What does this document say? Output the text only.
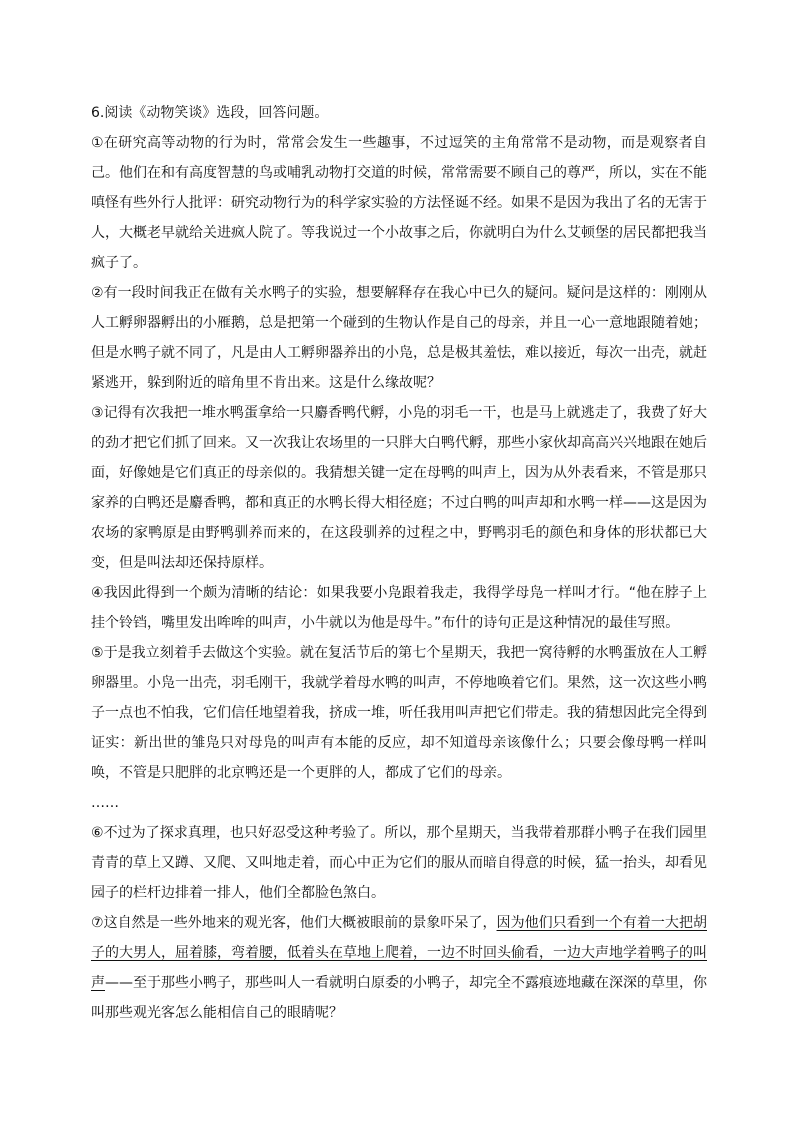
6.阅读《动物笑谈》选段，回答问题。

①在研究高等动物的行为时，常常会发生一些趣事，不过逗笑的主角常常不是动物，而是观察者自己。他们在和有高度智慧的鸟或哺乳动物打交道的时候，常常需要不顾自己的尊严，所以，实在不能嗔怪有些外行人批评：研究动物行为的科学家实验的方法怪诞不经。如果不是因为我出了名的无害于人，大概老早就给关进疯人院了。等我说过一个小故事之后，你就明白为什么艾顿堡的居民都把我当疯子了。

②有一段时间我正在做有关水鸭子的实验，想要解释存在我心中已久的疑问。疑问是这样的：刚刚从人工孵卵器孵出的小雁鹅，总是把第一个碰到的生物认作是自己的母亲，并且一心一意地跟随着她；但是水鸭子就不同了，凡是由人工孵卵器养出的小凫，总是极其羞怯，难以接近，每次一出壳，就赶紧逃开，躲到附近的暗角里不肯出来。这是什么缘故呢？

③记得有次我把一堆水鸭蛋拿给一只麝香鸭代孵，小凫的羽毛一干，也是马上就逃走了，我费了好大的劲才把它们抓了回来。又一次我让农场里的一只胖大白鸭代孵，那些小家伙却高高兴兴地跟在她后面，好像她是它们真正的母亲似的。我猜想关键一定在母鸭的叫声上，因为从外表看来，不管是那只家养的白鸭还是麝香鸭，都和真正的水鸭长得大相径庭；不过白鸭的叫声却和水鸭一样——这是因为农场的家鸭原是由野鸭驯养而来的，在这段驯养的过程之中，野鸭羽毛的颜色和身体的形状都已大变，但是叫法却还保持原样。

④我因此得到一个颇为清晰的结论：如果我要小凫跟着我走，我得学母凫一样叫才行。“他在脖子上挂个铃铛，嘴里发出哞哞的叫声，小牛就以为他是母牛。”布什的诗句正是这种情况的最佳写照。

⑤于是我立刻着手去做这个实验。就在复活节后的第七个星期天，我把一窝待孵的水鸭蛋放在人工孵卵器里。小凫一出壳，羽毛刚干，我就学着母水鸭的叫声，不停地唤着它们。果然，这一次这些小鸭子一点也不怕我，它们信任地望着我，挤成一堆，听任我用叫声把它们带走。我的猜想因此完全得到证实：新出世的雏凫只对母凫的叫声有本能的反应，却不知道母亲该像什么；只要会像母鸭一样叫唤，不管是只肥胖的北京鸭还是一个更胖的人，都成了它们的母亲。

……

⑥不过为了探求真理，也只好忍受这种考验了。所以，那个星期天，当我带着那群小鸭子在我们园里青青的草上又蹲、又爬、又叫地走着，而心中正为它们的服从而暗自得意的时候，猛一抬头，却看见园子的栏杆边排着一排人，他们全都脸色煞白。

⑦这自然是一些外地来的观光客，他们大概被眼前的景象吓呆了，因为他们只看到一个有着一大把胡子的大男人，屈着膝，弯着腰，低着头在草地上爬着，一边不时回头偷看，一边大声地学着鸭子的叫声——至于那些小鸭子，那些叫人一看就明白原委的小鸭子，却完全不露痕迹地藏在深深的草里，你叫那些观光客怎么能相信自己的眼睛呢？
